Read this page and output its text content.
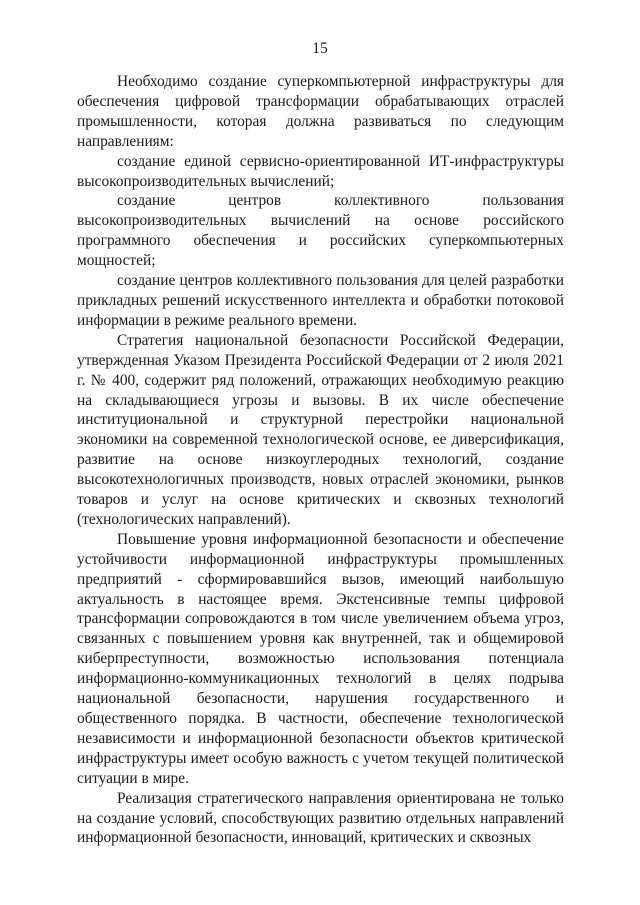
15

Необходимо создание суперкомпьютерной инфраструктуры для обеспечения цифровой трансформации обрабатывающих отраслей промышленности, которая должна развиваться по следующим направлениям:

создание единой сервисно-ориентированной ИТ-инфраструктуры высокопроизводительных вычислений;

создание центров коллективного пользования высокопроизводительных вычислений на основе российского программного обеспечения и российских суперкомпьютерных мощностей;

создание центров коллективного пользования для целей разработки прикладных решений искусственного интеллекта и обработки потоковой информации в режиме реального времени.

Стратегия национальной безопасности Российской Федерации, утвержденная Указом Президента Российской Федерации от 2 июля 2021 г. № 400, содержит ряд положений, отражающих необходимую реакцию на складывающиеся угрозы и вызовы. В их числе обеспечение институциональной и структурной перестройки национальной экономики на современной технологической основе, ее диверсификация, развитие на основе низкоуглеродных технологий, создание высокотехнологичных производств, новых отраслей экономики, рынков товаров и услуг на основе критических и сквозных технологий (технологических направлений).

Повышение уровня информационной безопасности и обеспечение устойчивости информационной инфраструктуры промышленных предприятий - сформировавшийся вызов, имеющий наибольшую актуальность в настоящее время. Экстенсивные темпы цифровой трансформации сопровождаются в том числе увеличением объема угроз, связанных с повышением уровня как внутренней, так и общемировой киберпреступности, возможностью использования потенциала информационно-коммуникационных технологий в целях подрыва национальной безопасности, нарушения государственного и общественного порядка. В частности, обеспечение технологической независимости и информационной безопасности объектов критической инфраструктуры имеет особую важность с учетом текущей политической ситуации в мире.

Реализация стратегического направления ориентирована не только на создание условий, способствующих развитию отдельных направлений информационной безопасности, инноваций, критических и сквозных
